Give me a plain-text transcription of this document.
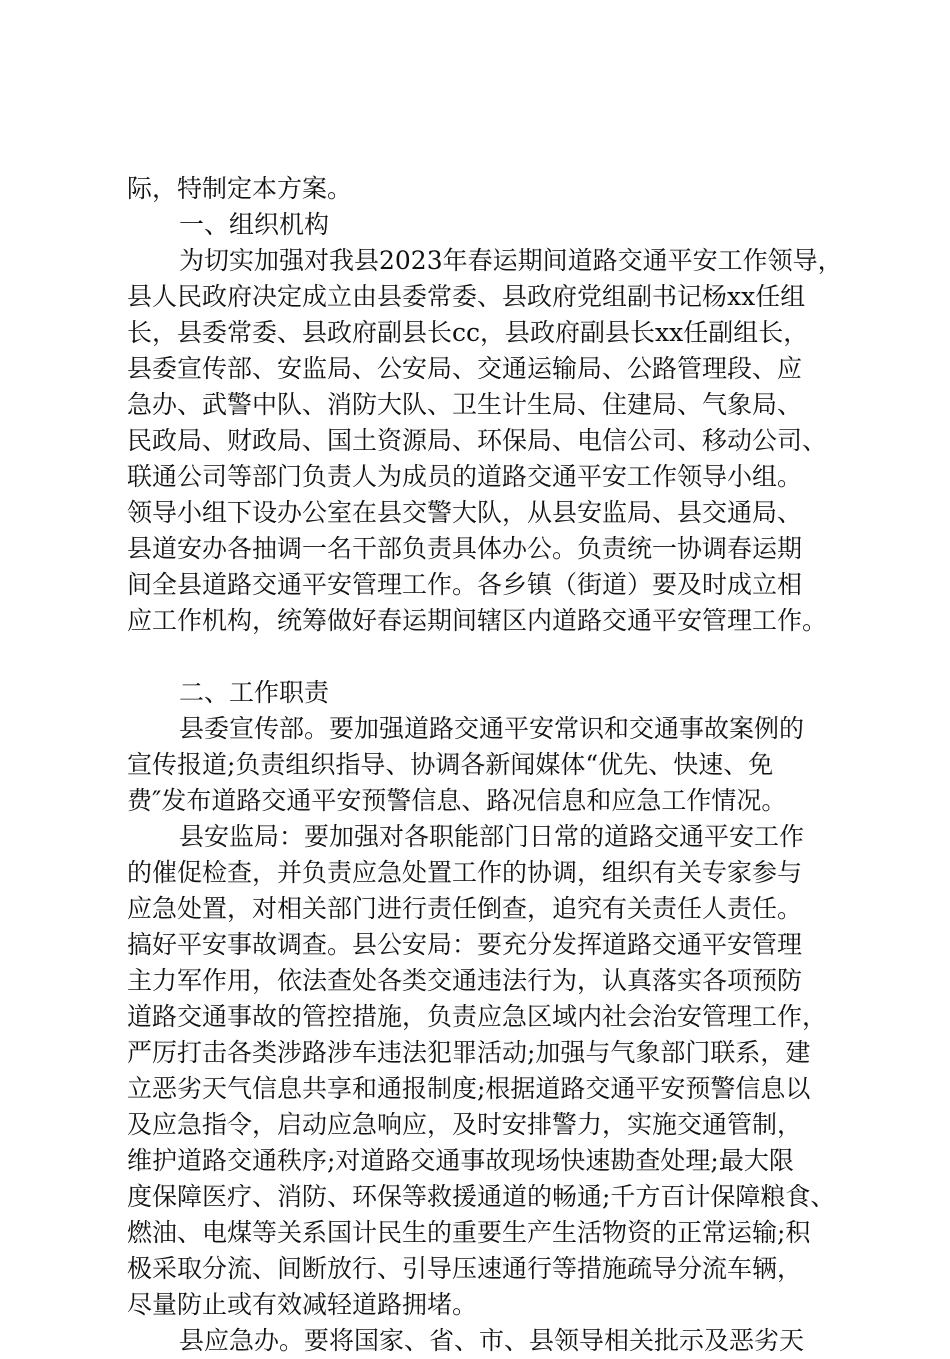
际，特制定本方案。
一、组织机构
为切实加强对我县2023年春运期间道路交通平安工作领导，
县人民政府决定成立由县委常委、县政府党组副书记杨xx任组
长，县委常委、县政府副县长cc，县政府副县长xx任副组长，
县委宣传部、安监局、公安局、交通运输局、公路管理段、应
急办、武警中队、消防大队、卫生计生局、住建局、气象局、
民政局、财政局、国土资源局、环保局、电信公司、移动公司、
联通公司等部门负责人为成员的道路交通平安工作领导小组。
领导小组下设办公室在县交警大队，从县安监局、县交通局、
县道安办各抽调一名干部负责具体办公。负责统一协调春运期
间全县道路交通平安管理工作。各乡镇（街道）要及时成立相
应工作机构，统筹做好春运期间辖区内道路交通平安管理工作。
二、工作职责
县委宣传部。要加强道路交通平安常识和交通事故案例的
宣传报道;负责组织指导、协调各新闻媒体“优先、快速、免
费″发布道路交通平安预警信息、路况信息和应急工作情况。
县安监局：要加强对各职能部门日常的道路交通平安工作
的催促检查，并负责应急处置工作的协调，组织有关专家参与
应急处置，对相关部门进行责任倒查，追究有关责任人责任。
搞好平安事故调查。县公安局：要充分发挥道路交通平安管理
主力军作用，依法查处各类交通违法行为，认真落实各项预防
道路交通事故的管控措施，负责应急区域内社会治安管理工作，
严厉打击各类涉路涉车违法犯罪活动;加强与气象部门联系，建
立恶劣天气信息共享和通报制度;根据道路交通平安预警信息以
及应急指令，启动应急响应，及时安排警力，实施交通管制，
维护道路交通秩序;对道路交通事故现场快速勘查处理;最大限
度保障医疗、消防、环保等救援通道的畅通;千方百计保障粮食、
燃油、电煤等关系国计民生的重要生产生活物资的正常运输;积
极采取分流、间断放行、引导压速通行等措施疏导分流车辆，
尽量防止或有效减轻道路拥堵。
县应急办。要将国家、省、市、县领导相关批示及恶劣天
